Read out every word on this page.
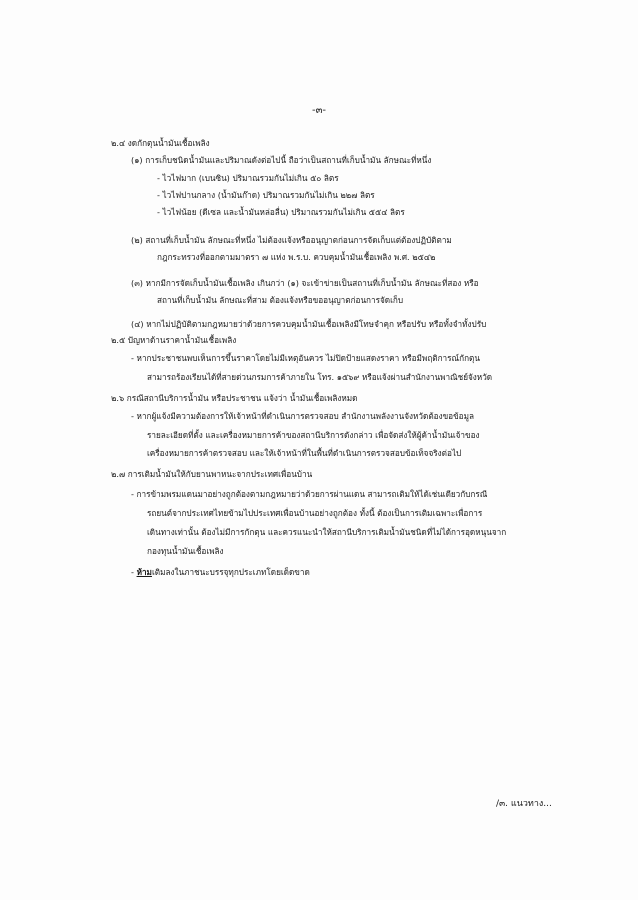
-๓-
๒.๔ งดกักตุนน้ำมันเชื้อเพลิง
(๑) การเก็บชนิดน้ำมันและปริมาณดังต่อไปนี้ ถือว่าเป็นสถานที่เก็บน้ำมัน ลักษณะที่หนึ่ง
- ไวไฟมาก (เบนซิน) ปริมาณรวมกันไม่เกิน ๕๐ ลิตร
- ไวไฟปานกลาง (น้ำมันก๊าด) ปริมาณรวมกันไม่เกิน ๒๒๗ ลิตร
- ไวไฟน้อย (ดีเซล และน้ำมันหล่อลื่น) ปริมาณรวมกันไม่เกิน ๕๕๔ ลิตร
(๒) สถานที่เก็บน้ำมัน ลักษณะที่หนึ่ง ไม่ต้องแจ้งหรืออนุญาตก่อนการจัดเก็บแต่ต้องปฏิบัติตาม
กฎกระทรวงที่ออกตามมาตรา ๗ แห่ง พ.ร.บ. ควบคุมน้ำมันเชื้อเพลิง พ.ศ. ๒๕๔๒
(๓) หากมีการจัดเก็บน้ำมันเชื้อเพลิง เกินกว่า (๑) จะเข้าข่ายเป็นสถานที่เก็บน้ำมัน ลักษณะที่สอง หรือ
สถานที่เก็บน้ำมัน ลักษณะที่สาม ต้องแจ้งหรือขออนุญาตก่อนการจัดเก็บ
(๔) หากไม่ปฏิบัติตามกฎหมายว่าด้วยการควบคุมน้ำมันเชื้อเพลิงมีโทษจำคุก หรือปรับ หรือทั้งจำทั้งปรับ
๒.๕ ปัญหาด้านราคาน้ำมันเชื้อเพลิง
- หากประชาชนพบเห็นการขึ้นราคาโดยไม่มีเหตุอันควร ไม่ปิดป้ายแสดงราคา หรือมีพฤติการณ์กักตุน
สามารถร้องเรียนได้ที่สายด่วนกรมการค้าภายใน โทร. ๑๕๖๙ หรือแจ้งผ่านสำนักงานพาณิชย์จังหวัด
๒.๖ กรณีสถานีบริการน้ำมัน หรือประชาชน แจ้งว่า น้ำมันเชื้อเพลิงหมด
- หากผู้แจ้งมีความต้องการให้เจ้าหน้าที่ดำเนินการตรวจสอบ สำนักงานพลังงานจังหวัดต้องขอข้อมูล
รายละเอียดที่ตั้ง และเครื่องหมายการค้าของสถานีบริการดังกล่าว เพื่อจัดส่งให้ผู้ค้าน้ำมันเจ้าของ
เครื่องหมายการค้าตรวจสอบ และให้เจ้าหน้าที่ในพื้นที่ดำเนินการตรวจสอบข้อเท็จจริงต่อไป
๒.๗ การเติมน้ำมันให้กับยานพาหนะจากประเทศเพื่อนบ้าน
- การข้ามพรมแดนมาอย่างถูกต้องตามกฎหมายว่าด้วยการผ่านแดน สามารถเติมให้ได้เช่นเดียวกับกรณี
รถยนต์จากประเทศไทยข้ามไปประเทศเพื่อนบ้านอย่างถูกต้อง ทั้งนี้ ต้องเป็นการเติมเฉพาะเพื่อการ
เดินทางเท่านั้น ต้องไม่มีการกักตุน และควรแนะนำให้สถานีบริการเติมน้ำมันชนิดที่ไม่ได้การอุดหนุนจาก
กองทุนน้ำมันเชื้อเพลิง
- ห้ามเติมลงในภาชนะบรรจุทุกประเภทโดยเด็ดขาด
/๓. แนวทาง...
